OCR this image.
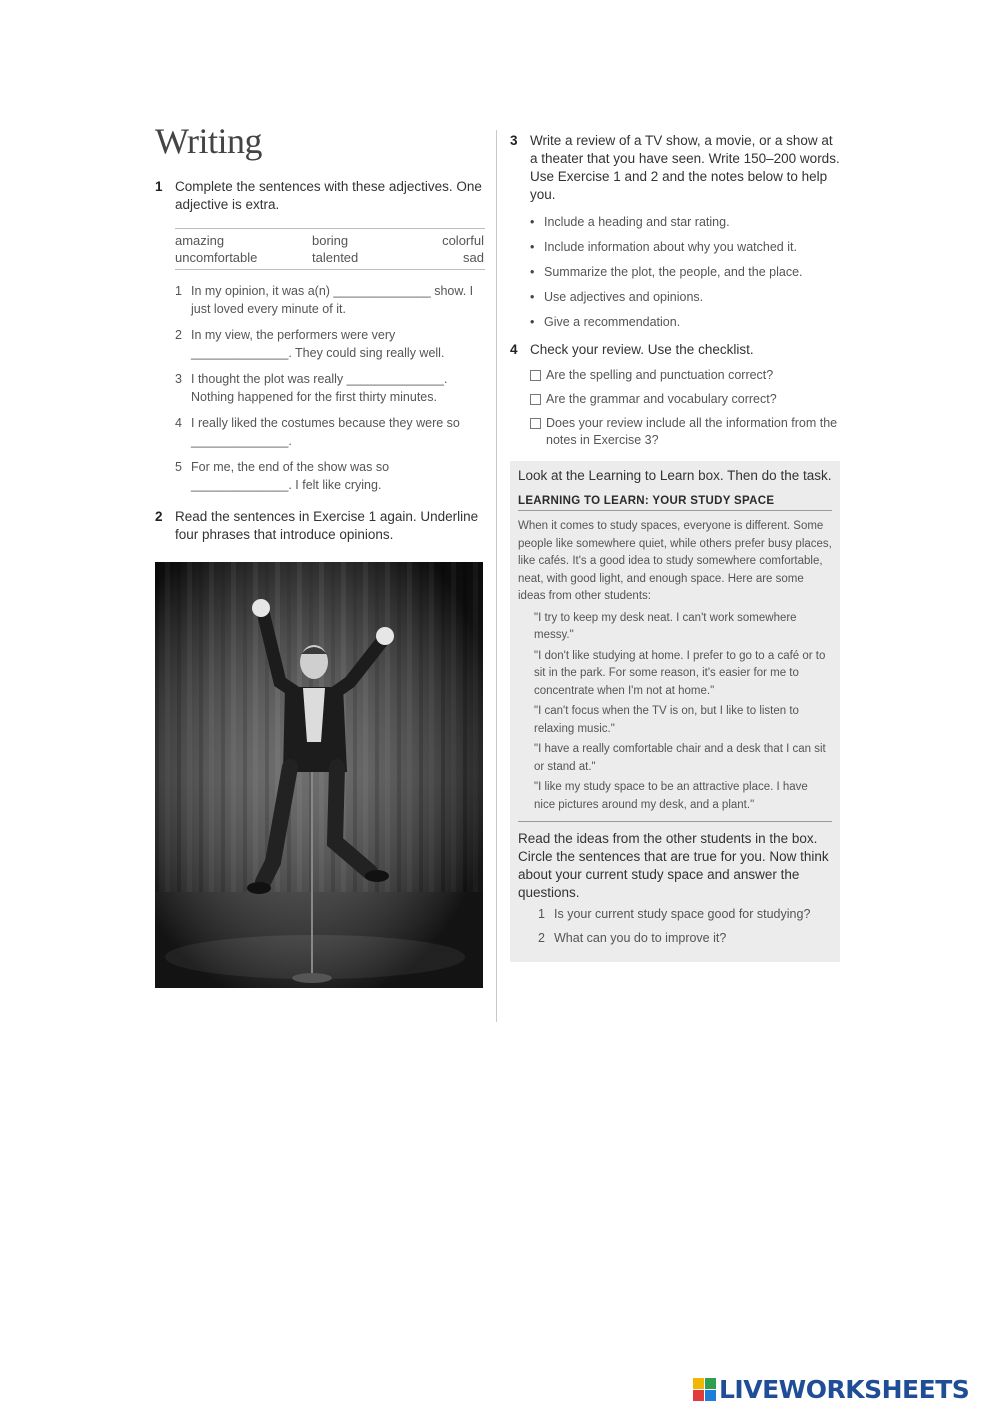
Writing
1 Complete the sentences with these adjectives. One adjective is extra.
amazing	boring	colorful
uncomfortable	talented	sad
1 In my opinion, it was a(n) ______________ show. I just loved every minute of it.
2 In my view, the performers were very ______________. They could sing really well.
3 I thought the plot was really ______________. Nothing happened for the first thirty minutes.
4 I really liked the costumes because they were so ______________.
5 For me, the end of the show was so ______________. I felt like crying.
2 Read the sentences in Exercise 1 again. Underline four phrases that introduce opinions.
3 Write a review of a TV show, a movie, or a show at a theater that you have seen. Write 150–200 words. Use Exercise 1 and 2 and the notes below to help you.
• Include a heading and star rating.
• Include information about why you watched it.
• Summarize the plot, the people, and the place.
• Use adjectives and opinions.
• Give a recommendation.
4 Check your review. Use the checklist.
Are the spelling and punctuation correct?
Are the grammar and vocabulary correct?
Does your review include all the information from the notes in Exercise 3?
Look at the Learning to Learn box. Then do the task.
LEARNING TO LEARN: YOUR STUDY SPACE

When it comes to study spaces, everyone is different. Some people like somewhere quiet, while others prefer busy places, like cafés. It's a good idea to study somewhere comfortable, neat, with good light, and enough space. Here are some ideas from other students:

"I try to keep my desk neat. I can't work somewhere messy."

"I don't like studying at home. I prefer to go to a café or to sit in the park. For some reason, it's easier for me to concentrate when I'm not at home."

"I can't focus when the TV is on, but I like to listen to relaxing music."

"I have a really comfortable chair and a desk that I can sit or stand at."

"I like my study space to be an attractive place. I have nice pictures around my desk, and a plant."

Read the ideas from the other students in the box. Circle the sentences that are true for you. Now think about your current study space and answer the questions.
1 Is your current study space good for studying?
2 What can you do to improve it?
LIVEWORKSHEETS
